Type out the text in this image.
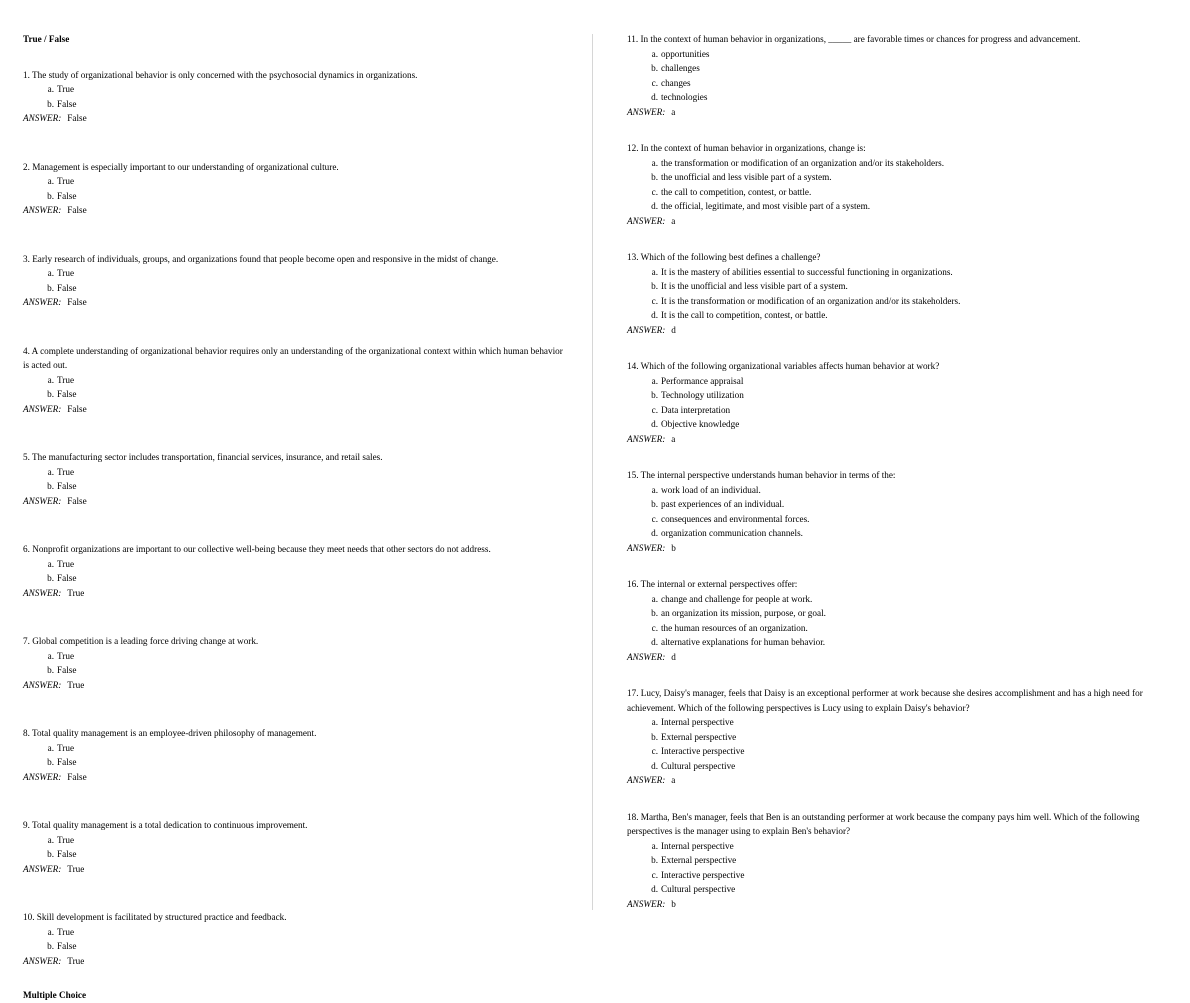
True / False
1. The study of organizational behavior is only concerned with the psychosocial dynamics in organizations.
a. True
b. False
ANSWER: False
2. Management is especially important to our understanding of organizational culture.
a. True
b. False
ANSWER: False
3. Early research of individuals, groups, and organizations found that people become open and responsive in the midst of change.
a. True
b. False
ANSWER: False
4. A complete understanding of organizational behavior requires only an understanding of the organizational context within which human behavior is acted out.
a. True
b. False
ANSWER: False
5. The manufacturing sector includes transportation, financial services, insurance, and retail sales.
a. True
b. False
ANSWER: False
6. Nonprofit organizations are important to our collective well-being because they meet needs that other sectors do not address.
a. True
b. False
ANSWER: True
7. Global competition is a leading force driving change at work.
a. True
b. False
ANSWER: True
8. Total quality management is an employee-driven philosophy of management.
a. True
b. False
ANSWER: False
9. Total quality management is a total dedication to continuous improvement.
a. True
b. False
ANSWER: True
10. Skill development is facilitated by structured practice and feedback.
a. True
b. False
ANSWER: True
Multiple Choice
11. In the context of human behavior in organizations, _____ are favorable times or chances for progress and advancement.
a. opportunities
b. challenges
c. changes
d. technologies
ANSWER: a
12. In the context of human behavior in organizations, change is:
a. the transformation or modification of an organization and/or its stakeholders.
b. the unofficial and less visible part of a system.
c. the call to competition, contest, or battle.
d. the official, legitimate, and most visible part of a system.
ANSWER: a
13. Which of the following best defines a challenge?
a. It is the mastery of abilities essential to successful functioning in organizations.
b. It is the unofficial and less visible part of a system.
c. It is the transformation or modification of an organization and/or its stakeholders.
d. It is the call to competition, contest, or battle.
ANSWER: d
14. Which of the following organizational variables affects human behavior at work?
a. Performance appraisal
b. Technology utilization
c. Data interpretation
d. Objective knowledge
ANSWER: a
15. The internal perspective understands human behavior in terms of the:
a. work load of an individual.
b. past experiences of an individual.
c. consequences and environmental forces.
d. organization communication channels.
ANSWER: b
16. The internal or external perspectives offer:
a. change and challenge for people at work.
b. an organization its mission, purpose, or goal.
c. the human resources of an organization.
d. alternative explanations for human behavior.
ANSWER: d
17. Lucy, Daisy's manager, feels that Daisy is an exceptional performer at work because she desires accomplishment and has a high need for achievement. Which of the following perspectives is Lucy using to explain Daisy's behavior?
a. Internal perspective
b. External perspective
c. Interactive perspective
d. Cultural perspective
ANSWER: a
18. Martha, Ben's manager, feels that Ben is an outstanding performer at work because the company pays him well. Which of the following perspectives is the manager using to explain Ben's behavior?
a. Internal perspective
b. External perspective
c. Interactive perspective
d. Cultural perspective
ANSWER: b
